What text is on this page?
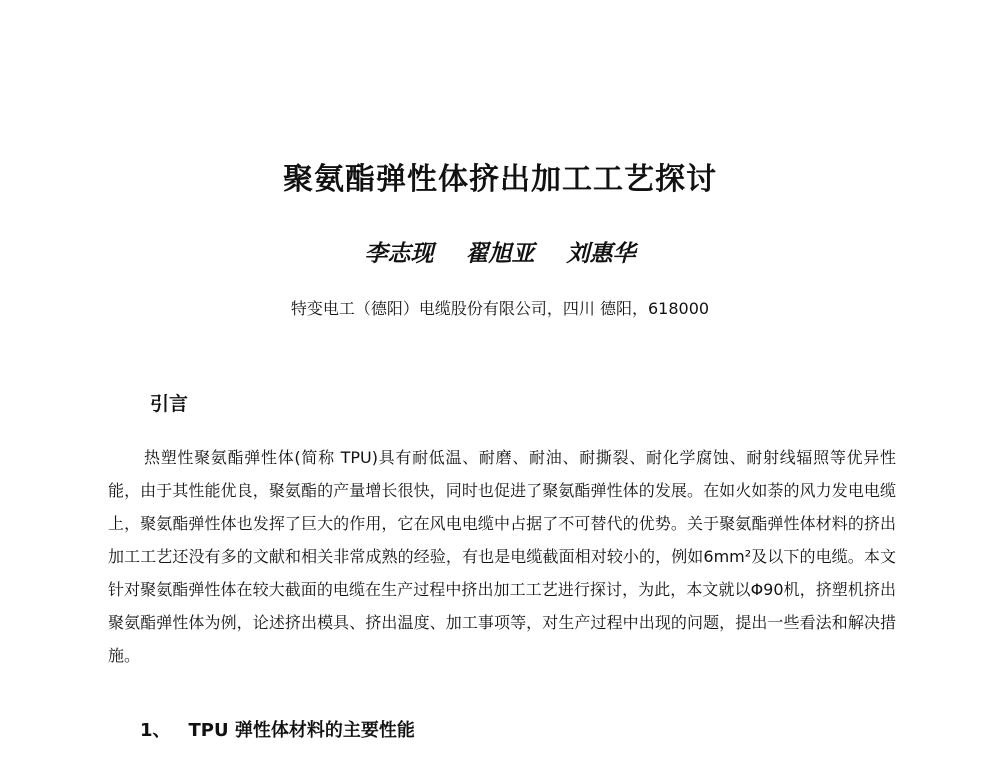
聚氨酯弹性体挤出加工工艺探讨
李志现 翟旭亚 刘惠华
特变电工（德阳）电缆股份有限公司，四川 德阳，618000
引言

热塑性聚氨酯弹性体(简称 TPU)具有耐低温、耐磨、耐油、耐撕裂、耐化学腐蚀、耐射线辐照等优异性能，由于其性能优良，聚氨酯的产量增长很快，同时也促进了聚氨酯弹性体的发展。在如火如荼的风力发电电缆上，聚氨酯弹性体也发挥了巨大的作用，它在风电电缆中占据了不可替代的优势。关于聚氨酯弹性体材料的挤出加工工艺还没有多的文献和相关非常成熟的经验，有也是电缆截面相对较小的，例如6mm²及以下的电缆。本文针对聚氨酯弹性体在较大截面的电缆在生产过程中挤出加工工艺进行探讨，为此，本文就以Φ90机，挤塑机挤出聚氨酯弹性体为例，论述挤出模具、挤出温度、加工事项等，对生产过程中出现的问题，提出一些看法和解决措施。

1、 TPU 弹性体材料的主要性能
